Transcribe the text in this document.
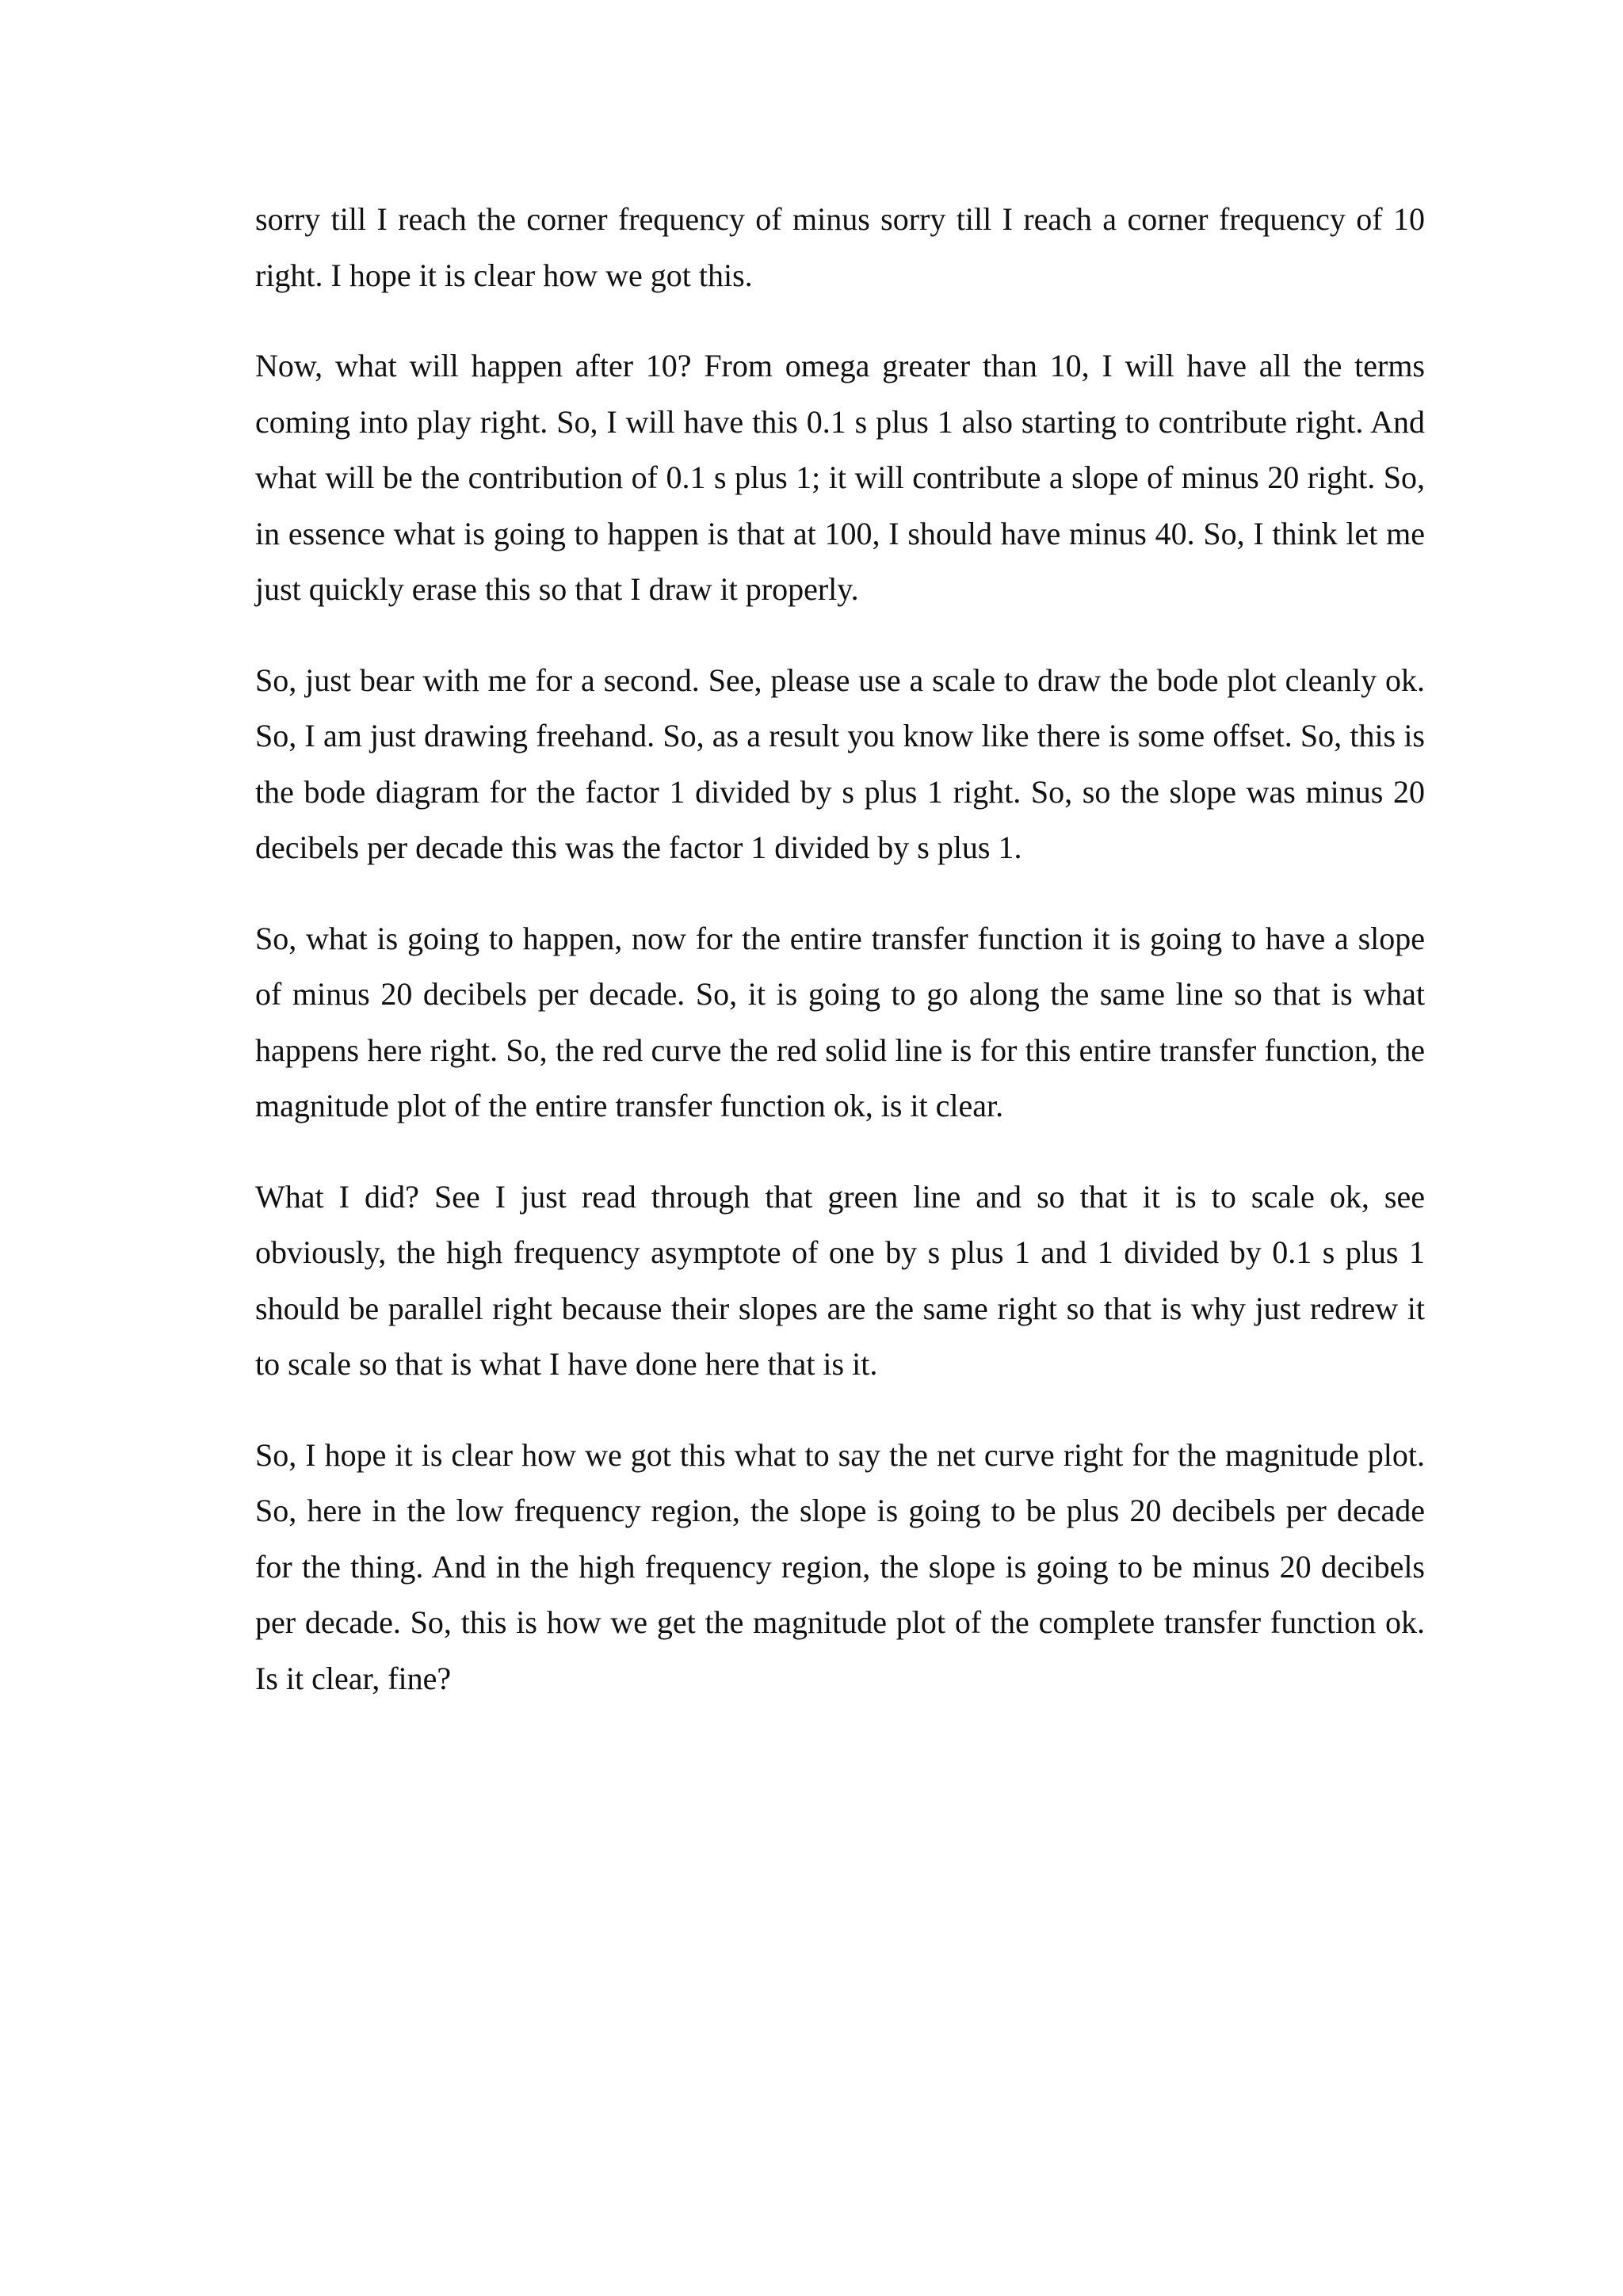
sorry till I reach the corner frequency of minus sorry till I reach a corner frequency of 10 right. I hope it is clear how we got this.

Now, what will happen after 10? From omega greater than 10, I will have all the terms coming into play right. So, I will have this 0.1 s plus 1 also starting to contribute right. And what will be the contribution of 0.1 s plus 1; it will contribute a slope of minus 20 right. So, in essence what is going to happen is that at 100, I should have minus 40. So, I think let me just quickly erase this so that I draw it properly.

So, just bear with me for a second. See, please use a scale to draw the bode plot cleanly ok. So, I am just drawing freehand. So, as a result you know like there is some offset. So, this is the bode diagram for the factor 1 divided by s plus 1 right. So, so the slope was minus 20 decibels per decade this was the factor 1 divided by s plus 1.

So, what is going to happen, now for the entire transfer function it is going to have a slope of minus 20 decibels per decade. So, it is going to go along the same line so that is what happens here right. So, the red curve the red solid line is for this entire transfer function, the magnitude plot of the entire transfer function ok, is it clear.

What I did? See I just read through that green line and so that it is to scale ok, see obviously, the high frequency asymptote of one by s plus 1 and 1 divided by 0.1 s plus 1 should be parallel right because their slopes are the same right so that is why just redrew it to scale so that is what I have done here that is it.

So, I hope it is clear how we got this what to say the net curve right for the magnitude plot. So, here in the low frequency region, the slope is going to be plus 20 decibels per decade for the thing. And in the high frequency region, the slope is going to be minus 20 decibels per decade. So, this is how we get the magnitude plot of the complete transfer function ok. Is it clear, fine?
